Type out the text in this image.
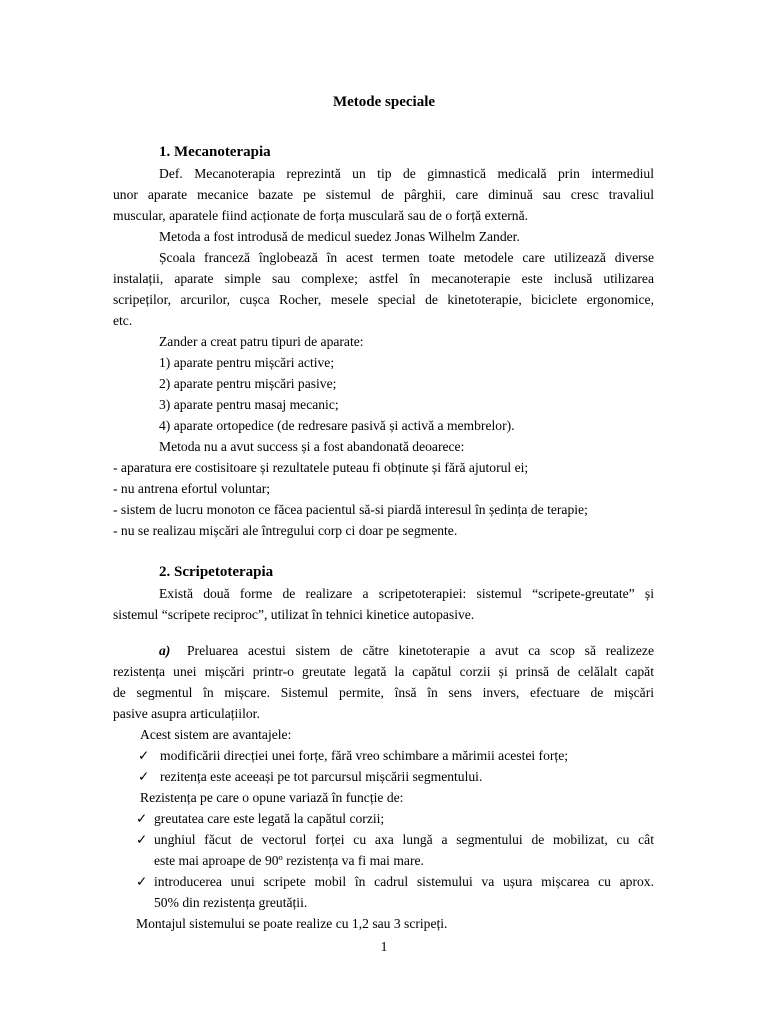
Metode speciale
1. Mecanoterapia
Def. Mecanoterapia reprezintă un tip de gimnastică medicală prin intermediul
unor aparate mecanice bazate pe sistemul de pârghii, care diminuă sau cresc travaliul
muscular, aparatele fiind acționate de forța musculară sau de o forță externă.
Metoda a fost introdusă de medicul suedez Jonas Wilhelm Zander.
Școala franceză înglobează în acest termen toate metodele care utilizează diverse
instalații, aparate simple sau complexe; astfel în mecanoterapie este inclusă utilizarea
scripeților, arcurilor, cușca Rocher, mesele special de kinetoterapie, biciclete ergonomice,
etc.
Zander a creat patru tipuri de aparate:
1) aparate pentru mișcări active;
2) aparate pentru mișcări pasive;
3) aparate pentru masaj mecanic;
4) aparate ortopedice (de redresare pasivă și activă a membrelor).
Metoda nu a avut success și a fost abandonată deoarece:
- aparatura ere costisitoare și rezultatele puteau fi obținute și fără ajutorul ei;
- nu antrena efortul voluntar;
- sistem de lucru monoton ce făcea pacientul să-si piardă interesul în ședința de terapie;
- nu se realizau mișcări ale întregului corp ci doar pe segmente.
2. Scripetoterapia
Există două forme de realizare a scripetoterapiei: sistemul “scripete-greutate” și
sistemul “scripete reciproc”, utilizat în tehnici kinetice autopasive.
a) Preluarea acestui sistem de către kinetoterapie a avut ca scop să realizeze
rezistența unei mișcări printr-o greutate legată la capătul corzii și prinsă de celălalt capăt
de segmentul în mișcare. Sistemul permite, însă în sens invers, efectuare de mișcări
pasive asupra articulațiilor.
Acest sistem are avantajele:
✓ modificării direcției unei forțe, fără vreo schimbare a mărimii acestei forțe;
✓ rezitența este aceeași pe tot parcursul mișcării segmentului.
Rezistența pe care o opune variază în funcție de:
✓ greutatea care este legată la capătul corzii;
✓ unghiul făcut de vectorul forței cu axa lungă a segmentului de mobilizat, cu cât
este mai aproape de 90º rezistența va fi mai mare.
✓ introducerea unui scripete mobil în cadrul sistemului va ușura mișcarea cu aprox.
50% din rezistența greutății.
Montajul sistemului se poate realize cu 1,2 sau 3 scripeți.
1
